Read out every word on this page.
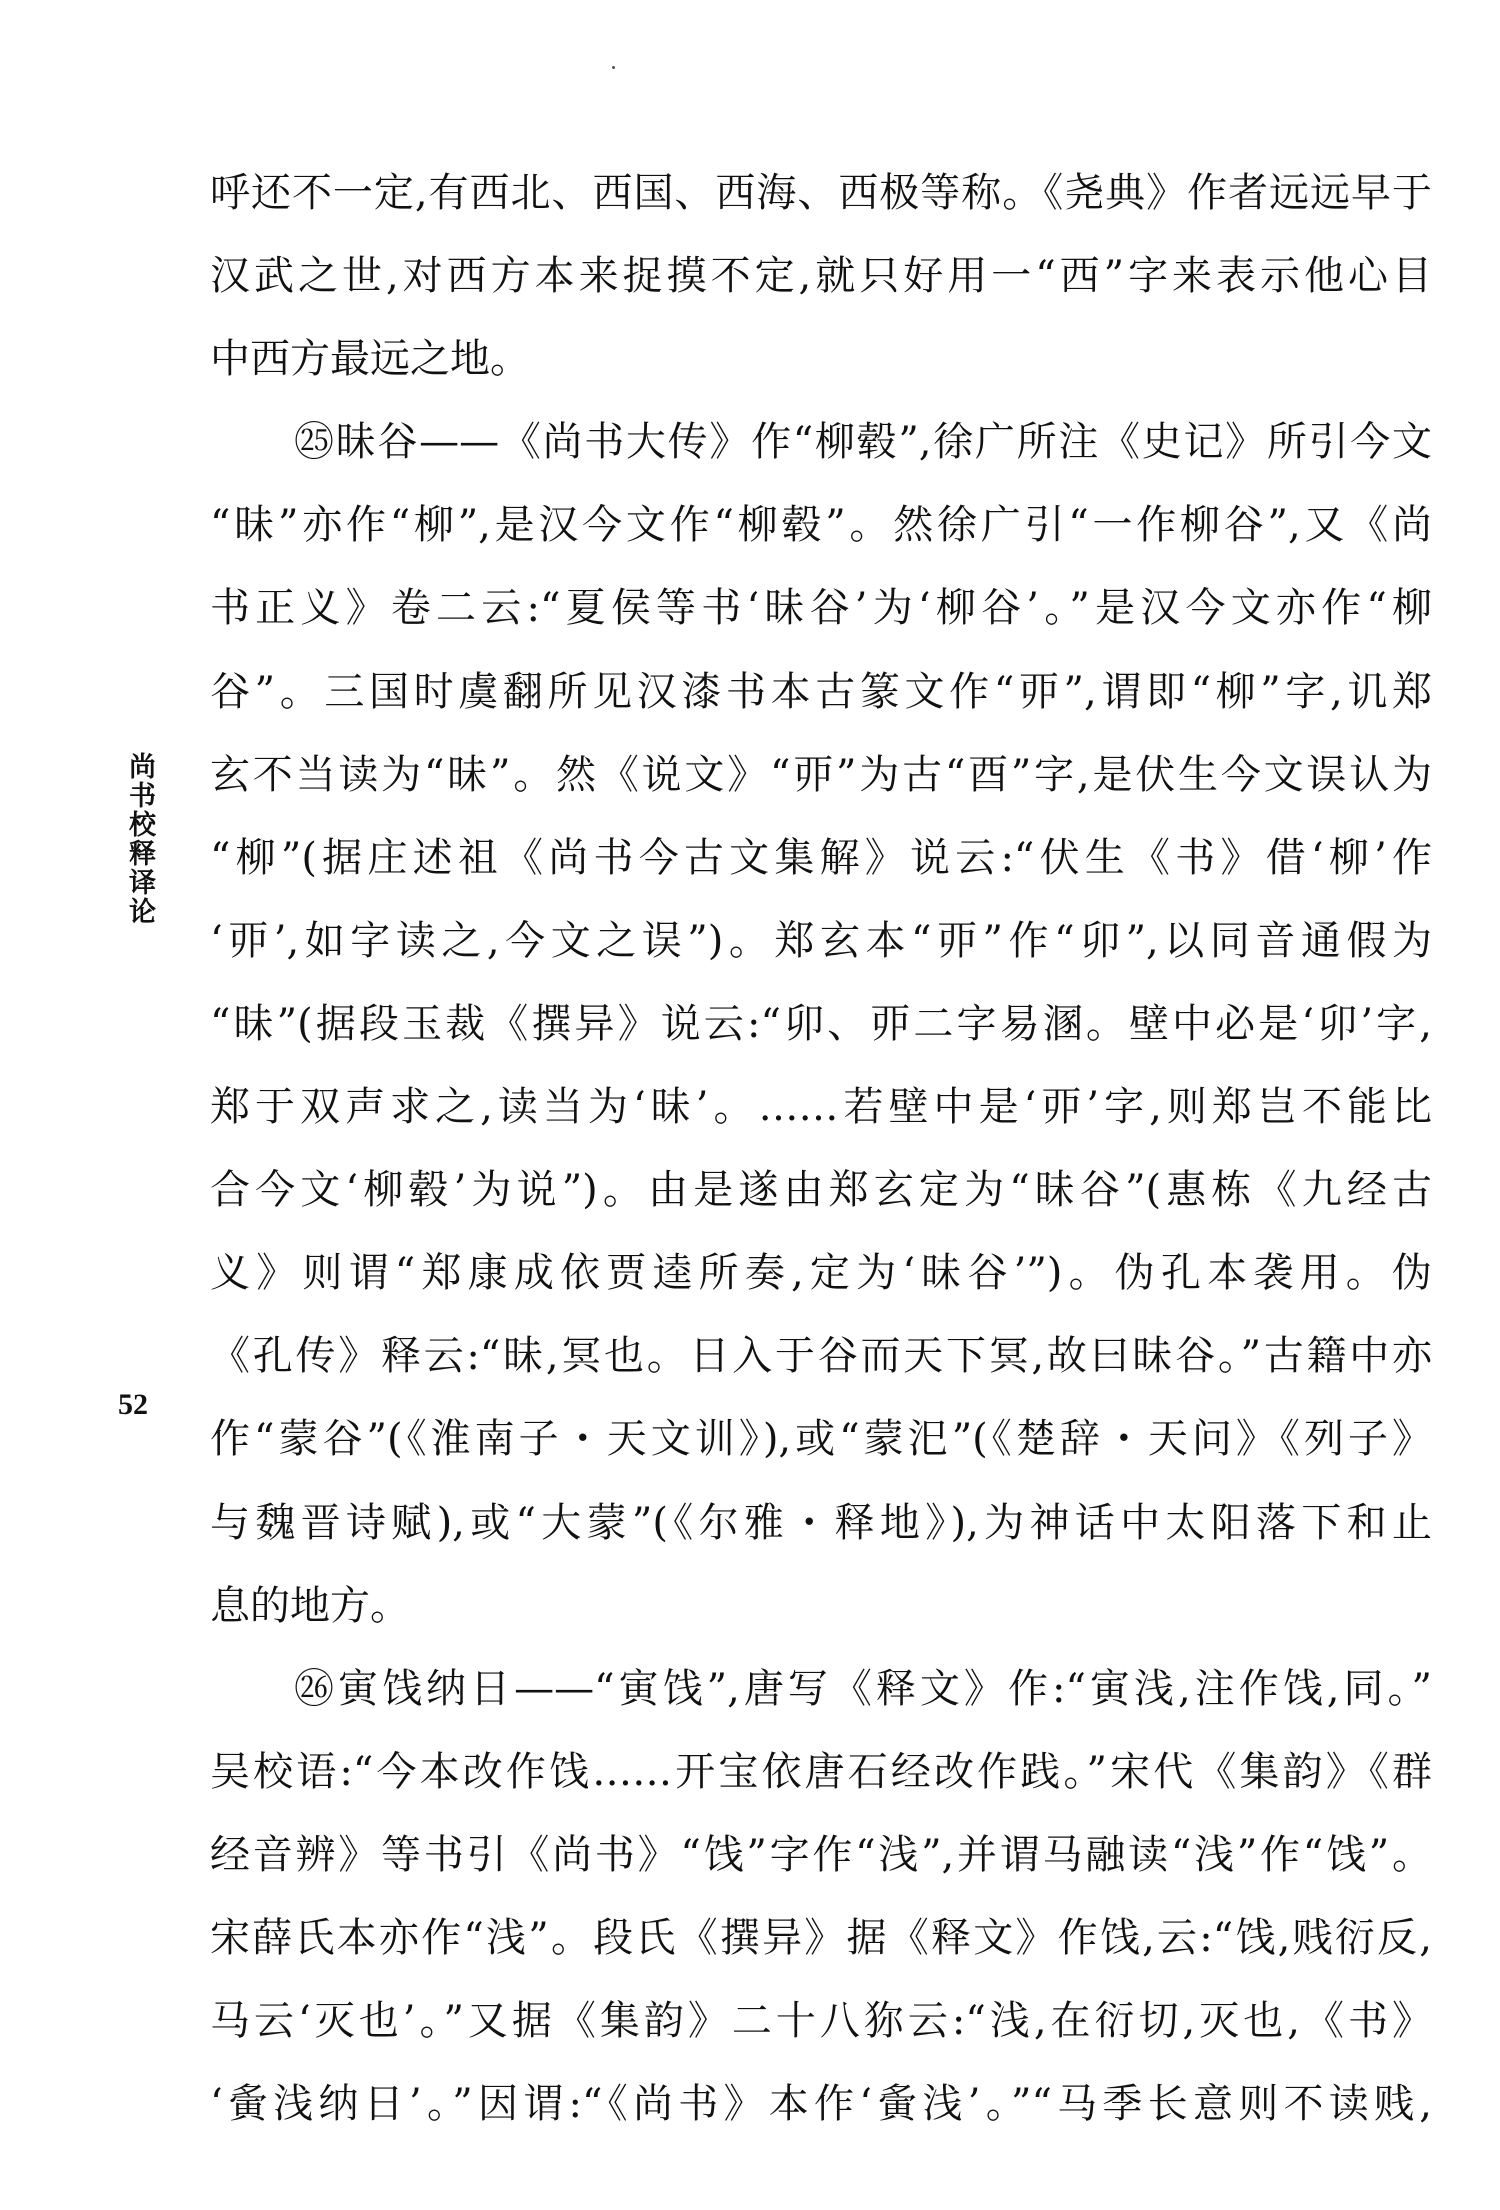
尚书校释译论
52
呼还不一定,有西北、西国、西海、西极等称。《尧典》作者远远早于
汉武之世,对西方本来捉摸不定,就只好用一“西”字来表示他心目
中西方最远之地。
㉕昧谷——《尚书大传》作“柳毂”,徐广所注《史记》所引今文
“昧”亦作“柳”,是汉今文作“柳毂”。然徐广引“一作柳谷”,又《尚
书正义》卷二云:“夏侯等书‘昧谷’为‘柳谷’。”是汉今文亦作“柳
谷”。三国时虞翻所见汉漆书本古篆文作“丣”,谓即“柳”字,讥郑
玄不当读为“昧”。然《说文》“丣”为古“酉”字,是伏生今文误认为
“柳”(据庄述祖《尚书今古文集解》说云:“伏生《书》借‘柳’作
‘丣’,如字读之,今文之误”)。郑玄本“丣”作“卯”,以同音通假为
“昧”(据段玉裁《撰异》说云:“卯、丣二字易溷。壁中必是‘卯’字,
郑于双声求之,读当为‘昧’。……若壁中是‘丣’字,则郑岂不能比
合今文‘柳毂’为说”)。由是遂由郑玄定为“昧谷”(惠栋《九经古
义》则谓“郑康成依贾逵所奏,定为‘昧谷’”)。伪孔本袭用。伪
《孔传》释云:“昧,冥也。日入于谷而天下冥,故曰昧谷。”古籍中亦
作“蒙谷”(《淮南子・天文训》),或“蒙汜”(《楚辞・天问》《列子》
与魏晋诗赋),或“大蒙”(《尔雅・释地》),为神话中太阳落下和止
息的地方。
㉖寅饯纳日——“寅饯”,唐写《释文》作:“寅浅,注作饯,同。”
吴校语:“今本改作饯……开宝依唐石经改作践。”宋代《集韵》《群
经音辨》等书引《尚书》“饯”字作“浅”,并谓马融读“浅”作“饯”。
宋薛氏本亦作“浅”。段氏《撰异》据《释文》作饯,云:“饯,贱衍反,
马云‘灭也’。”又据《集韵》二十八狝云:“浅,在衍切,灭也,《书》
‘夤浅纳日’。”因谓:“《尚书》本作‘夤浅’。”“马季长意则不读贱,
